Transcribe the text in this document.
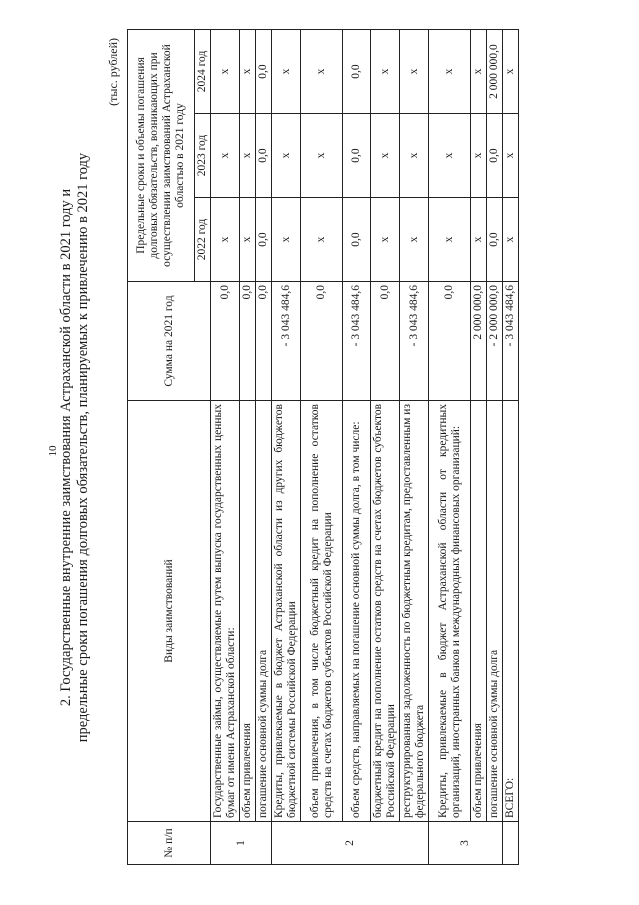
10 2. Государственные внутренние заимствования Астраханской области в 2021 году и предельные сроки погашения долговых обязательств, планируемых к привлечению в 2021 году
(тыс. рублей)
№ п/п	Виды заимствований	Сумма на 2021 год	Предельные сроки и объемы погашения долговых обязательств, возникающих при осуществлении заимствований Астраханской областью в 2021 году		
			2022 год	2023 год	2024 год
1	Государственные займы, осуществляемые путем выпуска государственных ценных бумаг от имени Астраханской области:	0,0	x	x	x
	объем привлечения	0,0	x	x	x
	погашение основной суммы долга	0,0	0,0	0,0	0,0
2	Кредиты, привлекаемые в бюджет Астраханской области из других бюджетов бюджетной системы Российской Федерации	- 3 043 484,6	x	x	x
	объем привлечения, в том числе бюджетный кредит на пополнение остатков средств на счетах бюджетов субъектов Российской Федерации	0,0	x	x	x
	объем средств, направляемых на погашение основной суммы долга, в том числе:	- 3 043 484,6	0,0	0,0	0,0
	бюджетный кредит на пополнение остатков средств на счетах бюджетов субъектов Российской Федерации	0,0	x	x	x
	реструктурированная задолженность по бюджетным кредитам, предоставленным из федерального бюджета	- 3 043 484,6	x	x	x
3	Кредиты, привлекаемые в бюджет Астраханской области от кредитных организаций, иностранных банков и международных финансовых организаций:	0,0	x	x	x
	объем привлечения	2 000 000,0	x	x	x
	погашение основной суммы долга	- 2 000 000,0	0,0	0,0	2 000 000,0
	ВСЕГО:	- 3 043 484,6	x	x	x
